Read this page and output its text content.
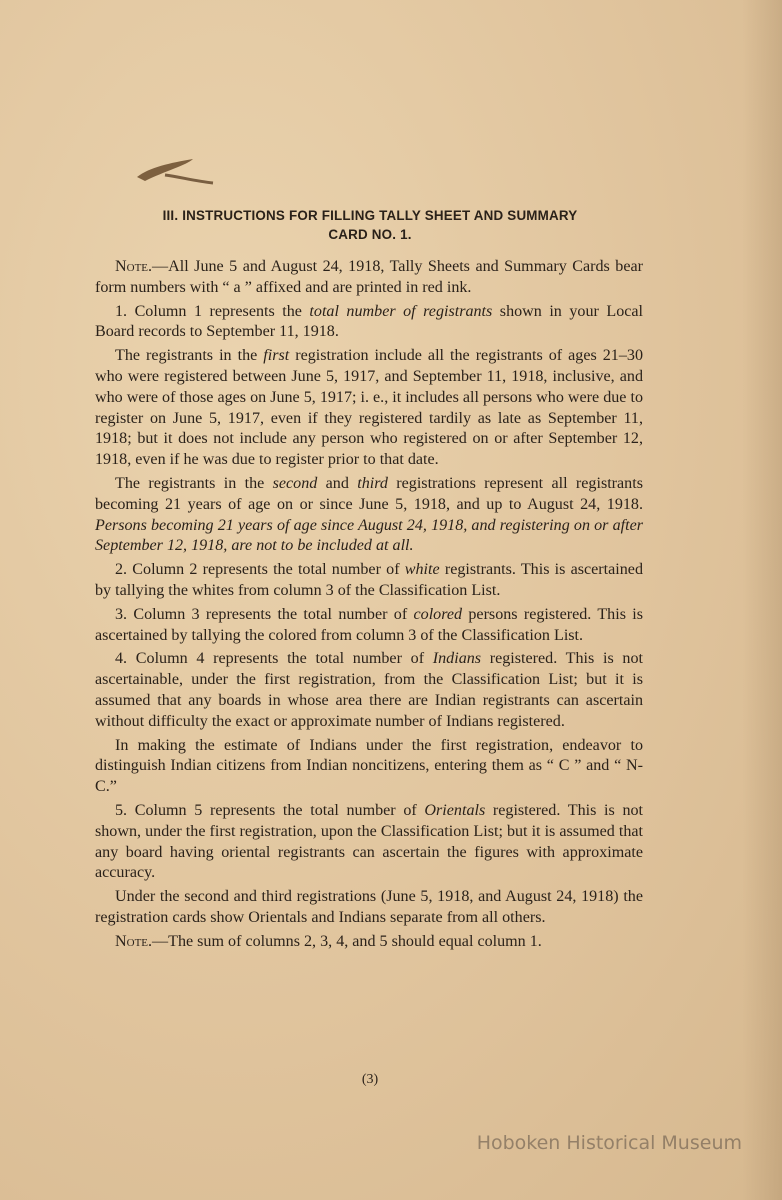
III. INSTRUCTIONS FOR FILLING TALLY SHEET AND SUMMARY
CARD NO. 1.

Note.—All June 5 and August 24, 1918, Tally Sheets and Summary Cards bear form numbers with “ a ” affixed and are printed in red ink.

1. Column 1 represents the total number of registrants shown in your Local Board records to September 11, 1918.

The registrants in the first registration include all the registrants of ages 21–30 who were registered between June 5, 1917, and September 11, 1918, inclusive, and who were of those ages on June 5, 1917; i. e., it includes all persons who were due to register on June 5, 1917, even if they registered tardily as late as September 11, 1918; but it does not include any person who registered on or after September 12, 1918, even if he was due to register prior to that date.

The registrants in the second and third registrations represent all registrants becoming 21 years of age on or since June 5, 1918, and up to August 24, 1918. Persons becoming 21 years of age since August 24, 1918, and registering on or after September 12, 1918, are not to be included at all.

2. Column 2 represents the total number of white registrants. This is ascertained by tallying the whites from column 3 of the Classification List.

3. Column 3 represents the total number of colored persons registered. This is ascertained by tallying the colored from column 3 of the Classification List.

4. Column 4 represents the total number of Indians registered. This is not ascertainable, under the first registration, from the Classification List; but it is assumed that any boards in whose area there are Indian registrants can ascertain without difficulty the exact or approximate number of Indians registered.

In making the estimate of Indians under the first registration, endeavor to distinguish Indian citizens from Indian noncitizens, entering them as “ C ” and “ N-C.”

5. Column 5 represents the total number of Orientals registered. This is not shown, under the first registration, upon the Classification List; but it is assumed that any board having oriental registrants can ascertain the figures with approximate accuracy.

Under the second and third registrations (June 5, 1918, and August 24, 1918) the registration cards show Orientals and Indians separate from all others.

Note.—The sum of columns 2, 3, 4, and 5 should equal column 1.

(3)
Hoboken Historical Museum
